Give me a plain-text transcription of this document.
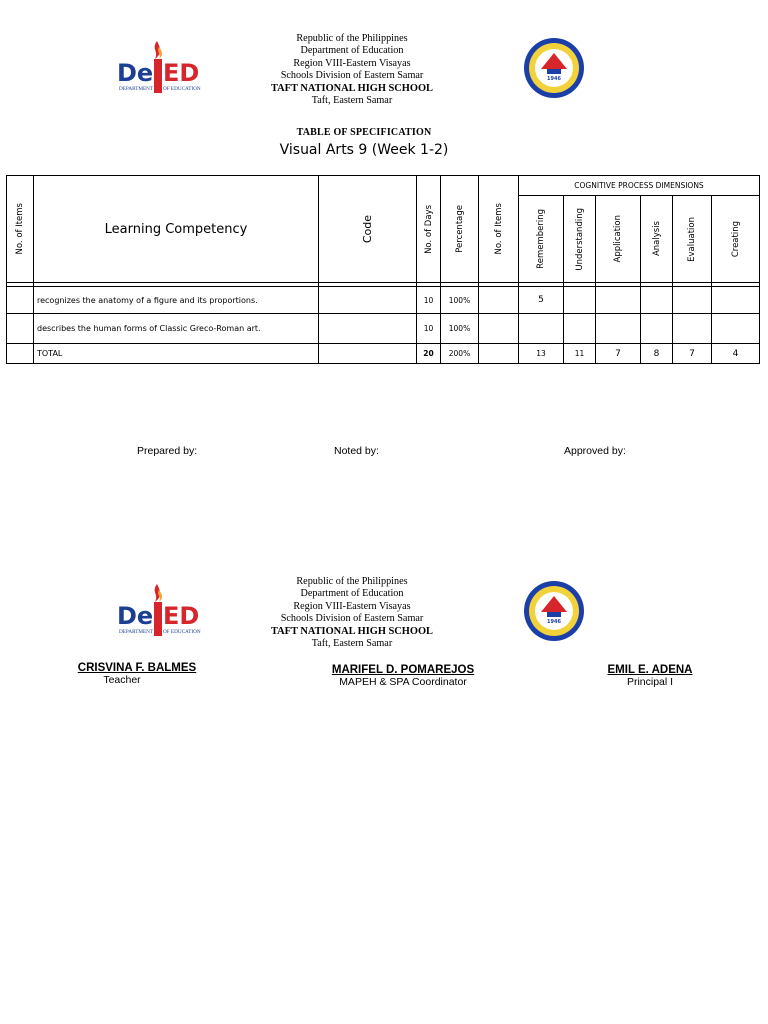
De ED
DEPARTMENT OF EDUCATION
Republic of the Philippines
Department of Education
Region VIII-Eastern Visayas
Schools Division of Eastern Samar
TAFT NATIONAL HIGH SCHOOL
Taft, Eastern Samar
1946
TABLE OF SPECIFICATION
Visual Arts 9 (Week 1-2)
No. of Items	Learning Competency	Code	No. of Days	Percentage	No. of Items	COGNITIVE PROCESS DIMENSIONS					

						Remembering	Understanding	Application	Analysis	Evaluation	Creating

	recognizes the anatomy of a figure and its proportions.		10	100%		5					
	describes the human forms of Classic Greco-Roman art.		10	100%							
	TOTAL		20	200%		13	11	7	8	7	4
Prepared by:	Noted by:	Approved by:
De ED
DEPARTMENT OF EDUCATION
Republic of the Philippines
Department of Education
Region VIII-Eastern Visayas
Schools Division of Eastern Samar
TAFT NATIONAL HIGH SCHOOL
Taft, Eastern Samar
1946
CRISVINA F. BALMES
Teacher
MARIFEL D. POMAREJOS
MAPEH & SPA Coordinator
EMIL E. ADENA
Principal I
